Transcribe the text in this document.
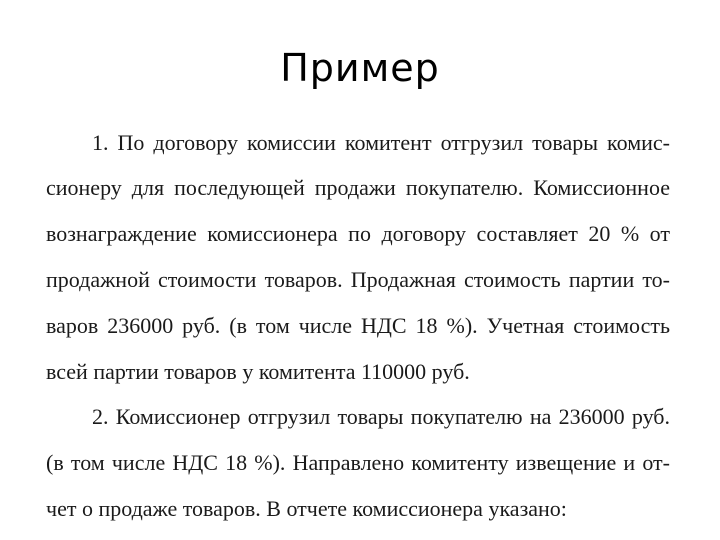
Пример
1. По договору комиссии комитент отгрузил товары комис-
сионеру для последующей продажи покупателю. Комиссионное
вознаграждение комиссионера по договору составляет 20 % от
продажной стоимости товаров. Продажная стоимость партии то-
варов 236000 руб. (в том числе НДС 18 %). Учетная стоимость
всей партии товаров у комитента 110000 руб.
2. Комиссионер отгрузил товары покупателю на 236000 руб.
(в том числе НДС 18 %). Направлено комитенту извещение и от-
чет о продаже товаров. В отчете комиссионера указано:
